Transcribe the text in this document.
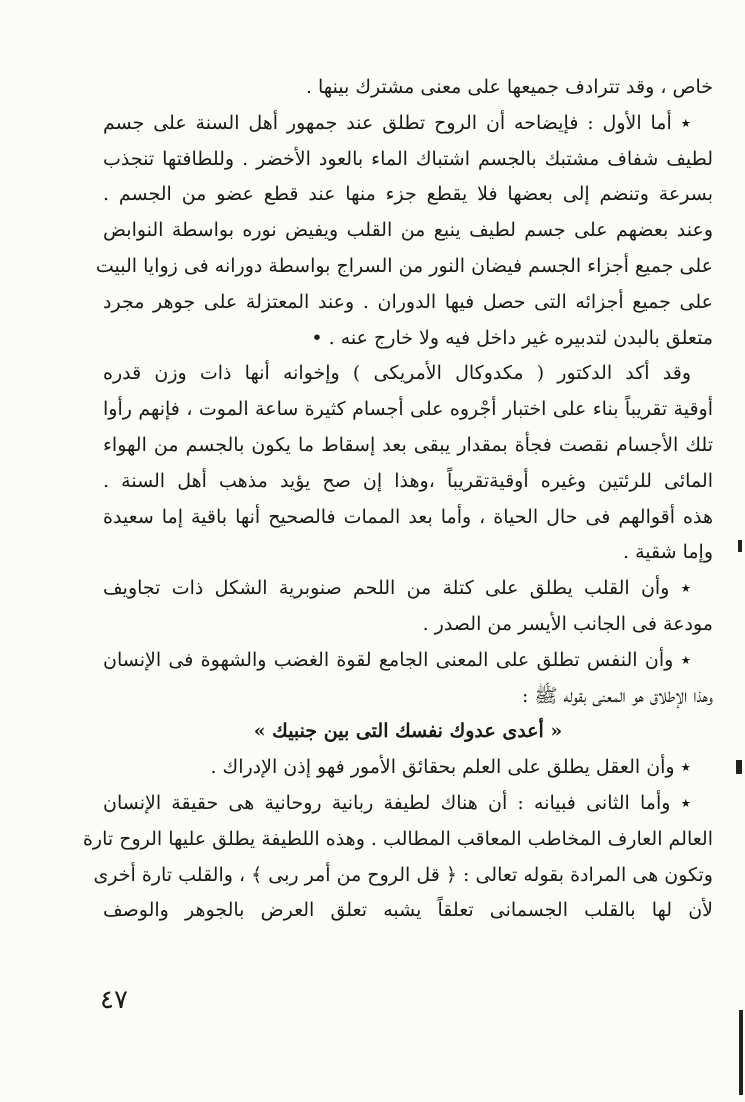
خاص ، وقد تترادف جميعها على معنى مشترك بينها .
٭ أما الأول : فإيضاحه أن الروح تطلق عند جمهور أهل السنة على جسم
لطيف شفاف مشتبك بالجسم اشتباك الماء بالعود الأخضر . وللطافتها تنجذب
بسرعة وتنضم إلى بعضها فلا يقطع جزء منها عند قطع عضو من الجسم .
وعند بعضهم على جسم لطيف ينبع من القلب ويفيض نوره بواسطة النوابض
على جميع أجزاء الجسم فيضان النور من السراج بواسطة دورانه فى زوايا البيت
على جميع أجزائه التى حصل فيها الدوران . وعند المعتزلة على جوهر مجرد
متعلق بالبدن لتدبيره غير داخل فيه ولا خارج عنه . •
وقد أكد الدكتور ( مكدوكال الأمريكى ) وإخوانه أنها ذات وزن قدره
أوقية تقريباً بناء على اختبار أجْروه على أجسام كثيرة ساعة الموت ، فإنهم رأوا
تلك الأجسام نقصت فجأة بمقدار يبقى بعد إسقاط ما يكون بالجسم من الهواء
المائى للرئتين وغيره أوقيةتقريباً ،وهذا إن صح يؤيد مذهب أهل السنة .
هذه أقوالهم فى حال الحياة ، وأما بعد الممات فالصحيح أنها باقية إما سعيدة
وإما شقية .
٭ وأن القلب يطلق على كتلة من اللحم صنوبرية الشكل ذات تجاويف
مودعة فى الجانب الأيسر من الصدر .
٭ وأن النفس تطلق على المعنى الجامع لقوة الغضب والشهوة فى الإنسان
وهذا الإطلاق هو المعنى بقوله ﷺ :
« أعدى عدوك نفسك التى بين جنبيك »
٭ وأن العقل يطلق على العلم بحقائق الأمور فهو إذن الإدراك .
٭ وأما الثانى فبيانه : أن هناك لطيفة ربانية روحانية هى حقيقة الإنسان
العالم العارف المخاطب المعاقب المطالب . وهذه اللطيفة يطلق عليها الروح تارة
وتكون هى المرادة بقوله تعالى : ﴿ قل الروح من أمر ربى ﴾ ، والقلب تارة أخرى
لأن لها بالقلب الجسمانى تعلقاً يشبه تعلق العرض بالجوهر والوصف
٤٧
